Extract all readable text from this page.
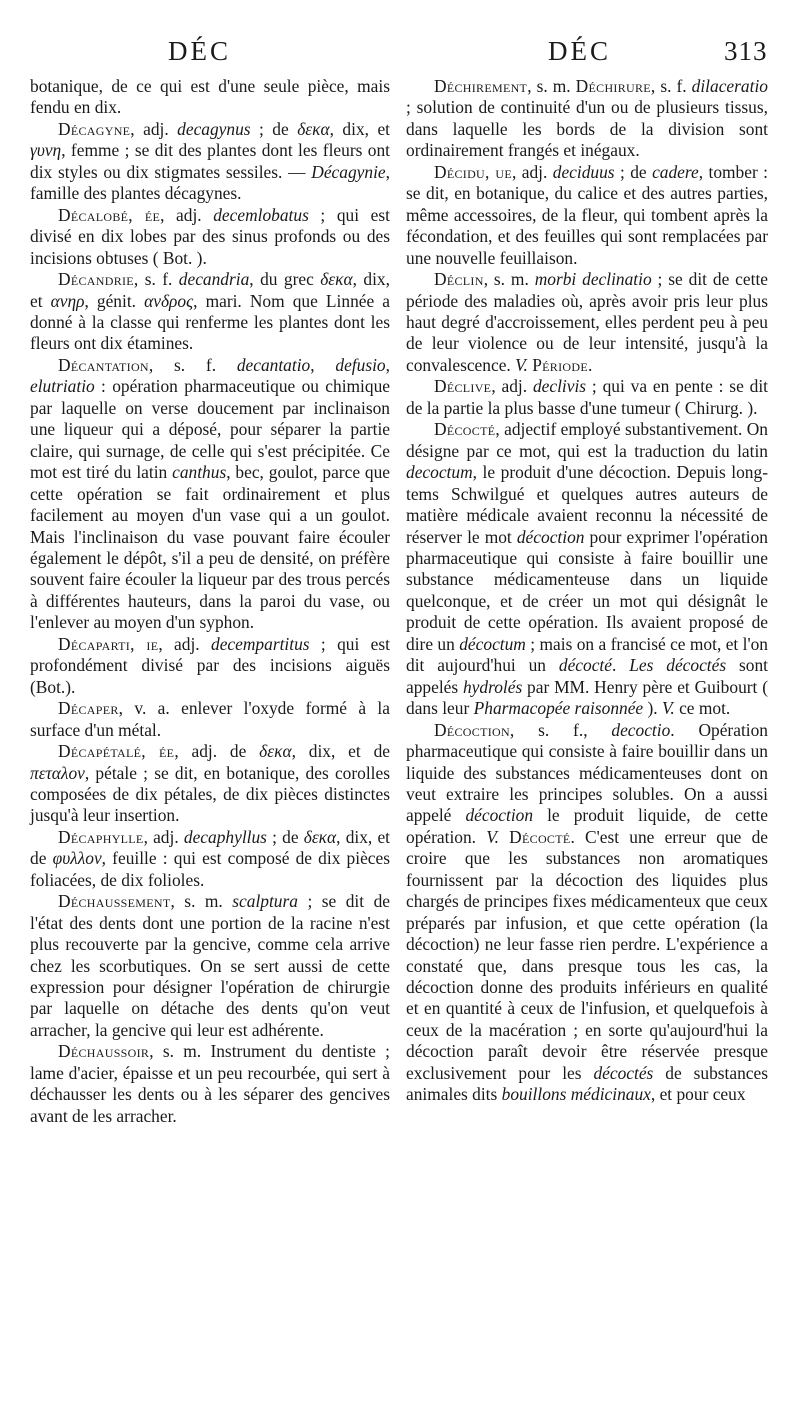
DÉC	DÉC	313

botanique, de ce qui est d'une seule pièce, mais fendu en dix.

Décagyne, adj. decagynus ; de δεκα, dix, et γυνη, femme ; se dit des plantes dont les fleurs ont dix styles ou dix stigmates sessiles. — Décagynie, famille des plantes décagynes.

Décalobé, ée, adj. decemlobatus ; qui est divisé en dix lobes par des sinus profonds ou des incisions obtuses ( Bot. ).

Décandrie, s. f. decandria, du grec δεκα, dix, et ανηρ, génit. ανδρος, mari. Nom que Linnée a donné à la classe qui renferme les plantes dont les fleurs ont dix étamines.

Décantation, s. f. decantatio, defusio, elutriatio : opération pharmaceutique ou chimique par laquelle on verse doucement par inclinaison une liqueur qui a déposé, pour séparer la partie claire, qui surnage, de celle qui s'est précipitée. Ce mot est tiré du latin canthus, bec, goulot, parce que cette opération se fait ordinairement et plus facilement au moyen d'un vase qui a un goulot. Mais l'inclinaison du vase pouvant faire écouler également le dépôt, s'il a peu de densité, on préfère souvent faire écouler la liqueur par des trous percés à différentes hauteurs, dans la paroi du vase, ou l'enlever au moyen d'un syphon.

Décaparti, ie, adj. decempartitus ; qui est profondément divisé par des incisions aiguës (Bot.).

Décaper, v. a. enlever l'oxyde formé à la surface d'un métal.

Décapétalé, ée, adj. de δεκα, dix, et de πεταλον, pétale ; se dit, en botanique, des corolles composées de dix pétales, de dix pièces distinctes jusqu'à leur insertion.

Décaphylle, adj. decaphyllus ; de δεκα, dix, et de φυλλον, feuille : qui est composé de dix pièces foliacées, de dix folioles.

Déchaussement, s. m. scalptura ; se dit de l'état des dents dont une portion de la racine n'est plus recouverte par la gencive, comme cela arrive chez les scorbutiques. On se sert aussi de cette expression pour désigner l'opération de chirurgie par laquelle on détache des dents qu'on veut arracher, la gencive qui leur est adhérente.

Déchaussoir, s. m. Instrument du dentiste ; lame d'acier, épaisse et un peu recourbée, qui sert à déchausser les dents ou à les séparer des gencives avant de les arracher.

Déchirement, s. m. Déchirure, s. f. dilaceratio ; solution de continuité d'un ou de plusieurs tissus, dans laquelle les bords de la division sont ordinairement frangés et inégaux.

Décidu, ue, adj. deciduus ; de cadere, tomber : se dit, en botanique, du calice et des autres parties, même accessoires, de la fleur, qui tombent après la fécondation, et des feuilles qui sont remplacées par une nouvelle feuillaison.

Déclin, s. m. morbi declinatio ; se dit de cette période des maladies où, après avoir pris leur plus haut degré d'accroissement, elles perdent peu à peu de leur violence ou de leur intensité, jusqu'à la convalescence. V. Période.

Déclive, adj. declivis ; qui va en pente : se dit de la partie la plus basse d'une tumeur ( Chirurg. ).

Décocté, adjectif employé substantivement. On désigne par ce mot, qui est la traduction du latin decoctum, le produit d'une décoction. Depuis long-tems Schwilgué et quelques autres auteurs de matière médicale avaient reconnu la nécessité de réserver le mot décoction pour exprimer l'opération pharmaceutique qui consiste à faire bouillir une substance médicamenteuse dans un liquide quelconque, et de créer un mot qui désignât le produit de cette opération. Ils avaient proposé de dire un décoctum ; mais on a francisé ce mot, et l'on dit aujourd'hui un décocté. Les décoctés sont appelés hydrolés par MM. Henry père et Guibourt ( dans leur Pharmacopée raisonnée ). V. ce mot.

Décoction, s. f., decoctio. Opération pharmaceutique qui consiste à faire bouillir dans un liquide des substances médicamenteuses dont on veut extraire les principes solubles. On a aussi appelé décoction le produit liquide, de cette opération. V. Décocté. C'est une erreur que de croire que les substances non aromatiques fournissent par la décoction des liquides plus chargés de principes fixes médicamenteux que ceux préparés par infusion, et que cette opération (la décoction) ne leur fasse rien perdre. L'expérience a constaté que, dans presque tous les cas, la décoction donne des produits inférieurs en qualité et en quantité à ceux de l'infusion, et quelquefois à ceux de la macération ; en sorte qu'aujourd'hui la décoction paraît devoir être réservée presque exclusivement pour les décoctés de substances animales dits bouillons médicinaux, et pour ceux
